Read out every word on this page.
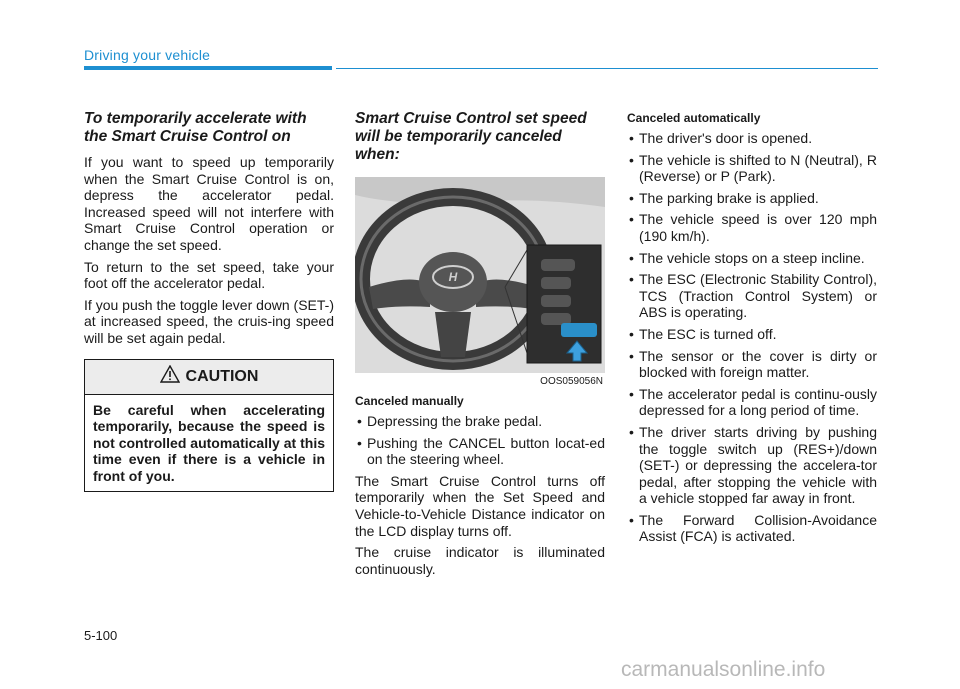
Driving your vehicle
To temporarily accelerate with the Smart Cruise Control on

If you want to speed up temporarily when the Smart Cruise Control is on, depress the accelerator pedal. Increased speed will not interfere with Smart Cruise Control operation or change the set speed.

To return to the set speed, take your foot off the accelerator pedal.

If you push the toggle lever down (SET-) at increased speed, the cruis-ing speed will be set again pedal.

CAUTION
Be careful when accelerating temporarily, because the speed is not controlled automatically at this time even if there is a vehicle in front of you.
Smart Cruise Control set speed will be temporarily canceled when:
H
OOS059056N
Canceled manually
• Depressing the brake pedal.
• Pushing the CANCEL button locat-ed on the steering wheel.

The Smart Cruise Control turns off temporarily when the Set Speed and Vehicle-to-Vehicle Distance indicator on the LCD display turns off.

The cruise indicator is illuminated continuously.

Canceled automatically
• The driver's door is opened.
• The vehicle is shifted to N (Neutral), R (Reverse) or P (Park).
• The parking brake is applied.
• The vehicle speed is over 120 mph (190 km/h).
• The vehicle stops on a steep incline.
• The ESC (Electronic Stability Control), TCS (Traction Control System) or ABS is operating.
• The ESC is turned off.
• The sensor or the cover is dirty or blocked with foreign matter.
• The accelerator pedal is continu-ously depressed for a long period of time.
• The driver starts driving by pushing the toggle switch up (RES+)/down (SET-) or depressing the accelera-tor pedal, after stopping the vehicle with a vehicle stopped far away in front.
• The Forward Collision-Avoidance Assist (FCA) is activated.
5-100
carmanualsonline.info
